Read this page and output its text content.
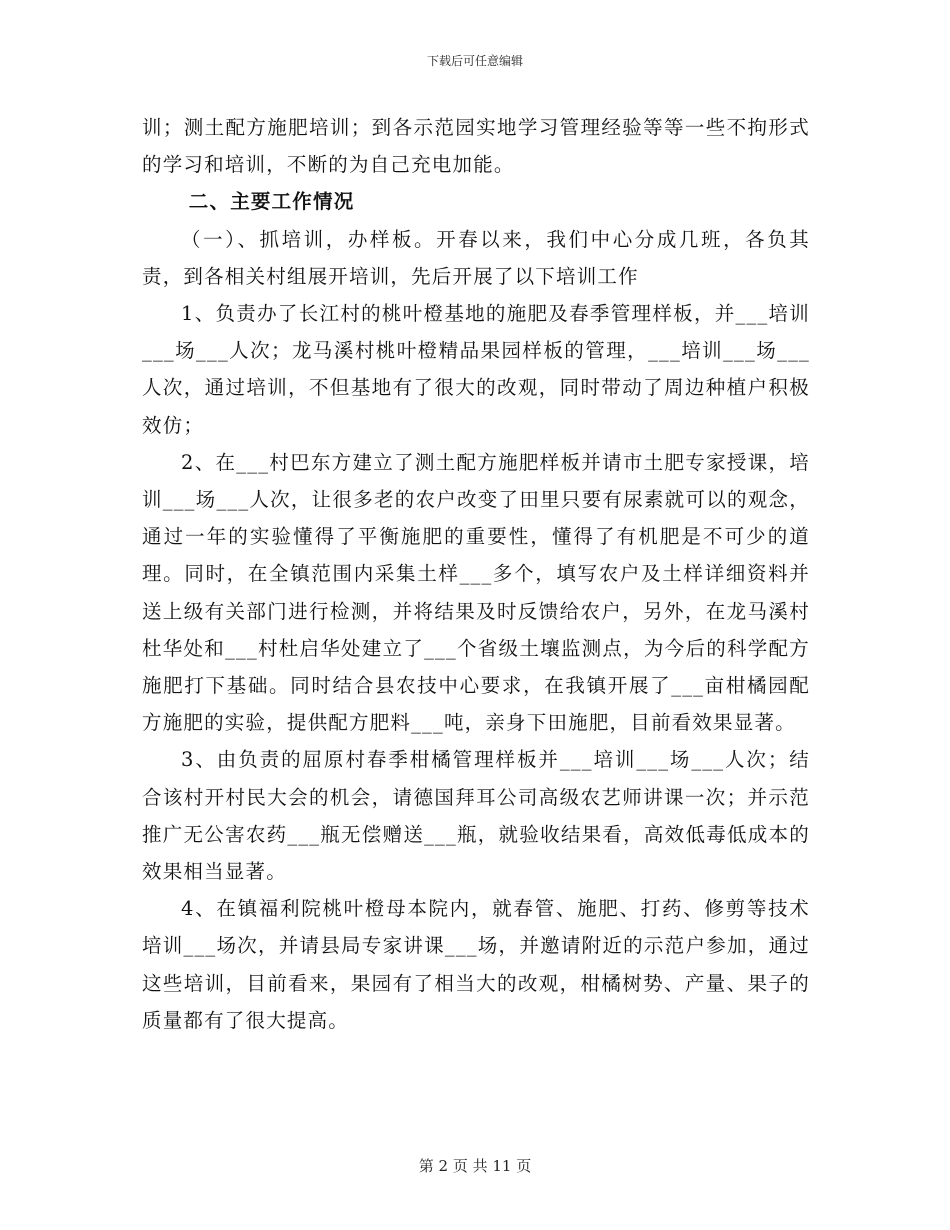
下载后可任意编辑

训；测土配方施肥培训；到各示范园实地学习管理经验等等一些不拘形式的学习和培训，不断的为自己充电加能。

二、主要工作情况

（一）、抓培训，办样板。开春以来，我们中心分成几班，各负其责，到各相关村组展开培训，先后开展了以下培训工作

1、负责办了长江村的桃叶橙基地的施肥及春季管理样板，并___培训___场___人次；龙马溪村桃叶橙精品果园样板的管理，___培训___场___人次，通过培训，不但基地有了很大的改观，同时带动了周边种植户积极效仿；

2、在___村巴东方建立了测土配方施肥样板并请市土肥专家授课，培训___场___人次，让很多老的农户改变了田里只要有尿素就可以的观念，通过一年的实验懂得了平衡施肥的重要性，懂得了有机肥是不可少的道理。同时，在全镇范围内采集土样___多个，填写农户及土样详细资料并送上级有关部门进行检测，并将结果及时反馈给农户，另外，在龙马溪村杜华处和___村杜启华处建立了___个省级土壤监测点，为今后的科学配方施肥打下基础。同时结合县农技中心要求，在我镇开展了___亩柑橘园配方施肥的实验，提供配方肥料___吨，亲身下田施肥，目前看效果显著。

3、由负责的屈原村春季柑橘管理样板并___培训___场___人次；结合该村开村民大会的机会，请德国拜耳公司高级农艺师讲课一次；并示范推广无公害农药___瓶无偿赠送___瓶，就验收结果看，高效低毒低成本的效果相当显著。

4、在镇福利院桃叶橙母本院内，就春管、施肥、打药、修剪等技术培训___场次，并请县局专家讲课___场，并邀请附近的示范户参加，通过这些培训，目前看来，果园有了相当大的改观，柑橘树势、产量、果子的质量都有了很大提高。

第 2 页 共 11 页
